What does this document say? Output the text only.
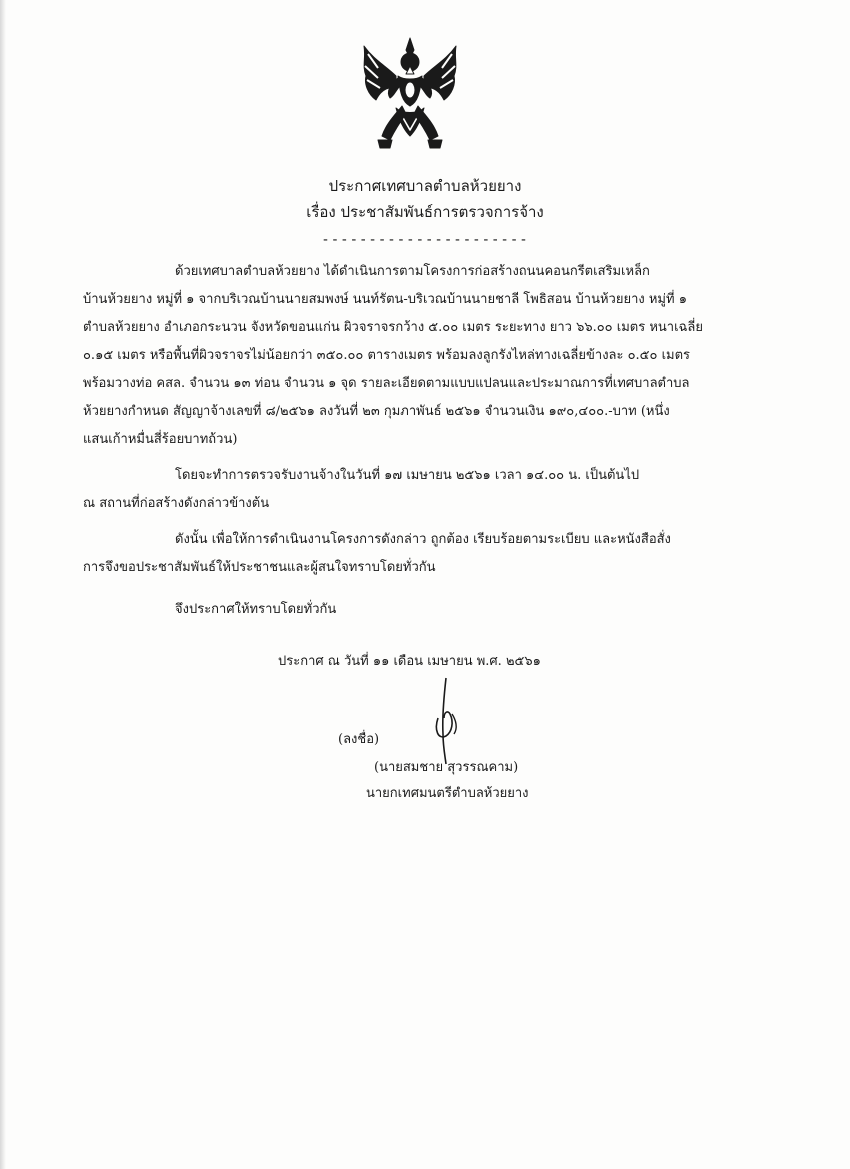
ประกาศเทศบาลตำบลห้วยยาง
เรื่อง ประชาสัมพันธ์การตรวจการจ้าง
----------------------
ด้วยเทศบาลตำบลห้วยยาง ได้ดำเนินการตามโครงการก่อสร้างถนนคอนกรีตเสริมเหล็ก
บ้านห้วยยาง หมู่ที่ ๑ จากบริเวณบ้านนายสมพงษ์ นนท์รัตน-บริเวณบ้านนายชาลี โพธิสอน บ้านห้วยยาง หมู่ที่ ๑
ตำบลห้วยยาง อำเภอกระนวน จังหวัดขอนแก่น ผิวจราจรกว้าง ๕.๐๐ เมตร ระยะทาง ยาว ๖๖.๐๐ เมตร หนาเฉลี่ย
๐.๑๕ เมตร หรือพื้นที่ผิวจราจรไม่น้อยกว่า ๓๕๐.๐๐ ตารางเมตร พร้อมลงลูกรังไหล่ทางเฉลี่ยข้างละ ๐.๕๐ เมตร
พร้อมวางท่อ คสล. จำนวน ๑๓ ท่อน จำนวน ๑ จุด รายละเอียดตามแบบแปลนและประมาณการที่เทศบาลตำบล
ห้วยยางกำหนด สัญญาจ้างเลขที่ ๘/๒๕๖๑ ลงวันที่ ๒๓ กุมภาพันธ์ ๒๕๖๑ จำนวนเงิน ๑๙๐,๔๐๐.-บาท (หนึ่ง
แสนเก้าหมื่นสี่ร้อยบาทถ้วน)
โดยจะทำการตรวจรับงานจ้างในวันที่ ๑๗ เมษายน ๒๕๖๑ เวลา ๑๔.๐๐ น. เป็นต้นไป
ณ สถานที่ก่อสร้างดังกล่าวข้างต้น
ดังนั้น เพื่อให้การดำเนินงานโครงการดังกล่าว ถูกต้อง เรียบร้อยตามระเบียบ และหนังสือสั่ง
การจึงขอประชาสัมพันธ์ให้ประชาชนและผู้สนใจทราบโดยทั่วกัน
จึงประกาศให้ทราบโดยทั่วกัน
ประกาศ ณ วันที่ ๑๑ เดือน เมษายน พ.ศ. ๒๕๖๑
(ลงชื่อ)
(นายสมชาย สุวรรณคาม)
นายกเทศมนตรีตำบลห้วยยาง
